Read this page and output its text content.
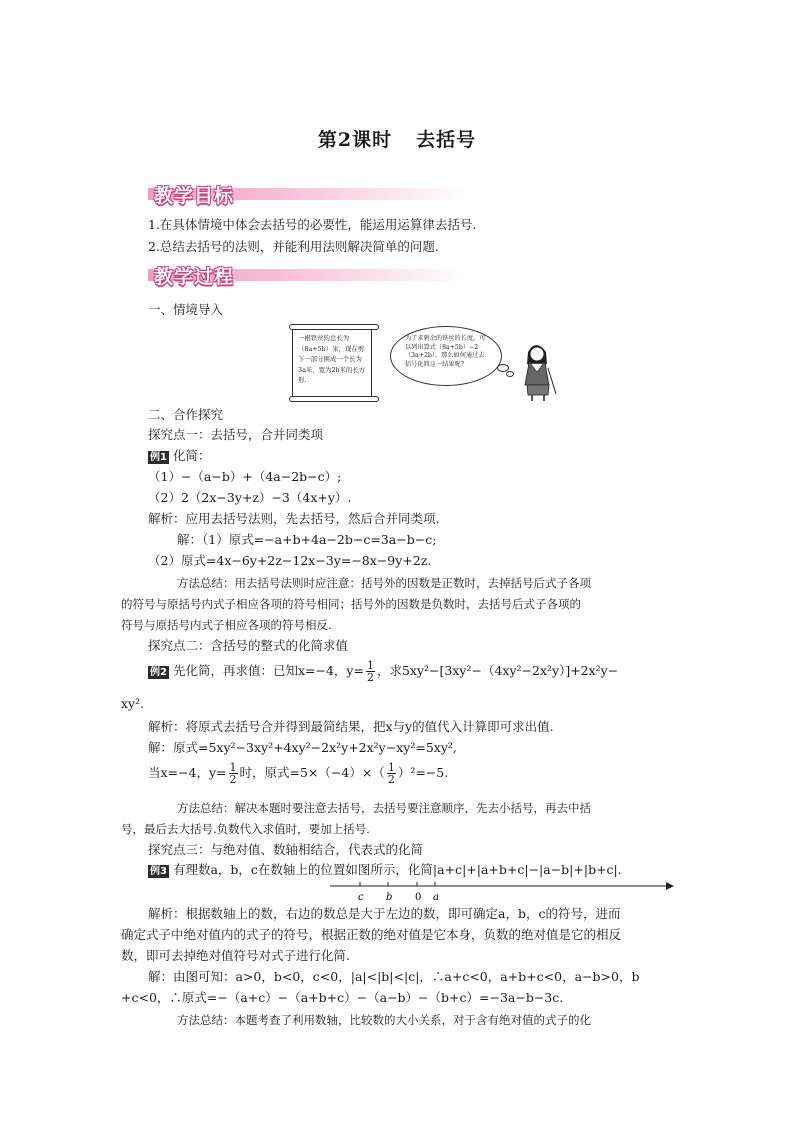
第2课时 去括号
教学目标
1.在具体情境中体会去括号的必要性，能运用运算律去括号.
2.总结去括号的法则，并能利用法则解决简单的问题.
教学过程
一、情境导入
一根铁丝的总长为（8a+5b）米，现在剪下一部分围成一个长为3a米，宽为2b米的长方形.
为了求剩余的铁丝的长度，可以列出算式（8a+5b）−2（3a+2b），那么如何通过去括号化简这一结果呢?
二、合作探究
探究点一：去括号，合并同类项
例1 化简：
（1）−（a−b）+（4a−2b−c）;
（2）2（2x−3y+z）−3（4x+y）.
解析：应用去括号法则，先去括号，然后合并同类项.
解：（1）原式=−a+b+4a−2b−c=3a−b−c;
（2）原式=4x−6y+2z−12x−3y=−8x−9y+2z.
方法总结：用去括号法则时应注意：括号外的因数是正数时，去掉括号后式子各项
的符号与原括号内式子相应各项的符号相同；括号外的因数是负数时，去括号后式子各项的
符号与原括号内式子相应各项的符号相反.
探究点二：含括号的整式的化简求值
例2 先化简，再求值：已知x=−4，$y= \frac{1}{2}$ ，求5xy²−[3xy²−（4xy²−2x²y）]+2x²y−
xy².
解析：将原式去括号合并得到最简结果，把x与y的值代入计算即可求出值.
解：原式=5xy²−3xy²+4xy²−2x²y+2x²y−xy²=5xy²,
当x=−4，$y= \frac{1}{2}$ 时，原式$=5\times(-4)\times( \frac{1}{2} )^2=-5$.
方法总结：解决本题时要注意去括号，去括号要注意顺序，先去小括号，再去中括
号，最后去大括号.负数代入求值时，要加上括号.
探究点三：与绝对值、数轴相结合，代表式的化简
例3 有理数a，b，c在数轴上的位置如图所示，化简|a+c|+|a+b+c|−|a−b|+|b+c|.
c b 0 a
解析：根据数轴上的数，右边的数总是大于左边的数，即可确定a，b，c的符号，进而
确定式子中绝对值内的式子的符号，根据正数的绝对值是它本身，负数的绝对值是它的相反
数，即可去掉绝对值符号对式子进行化简.
解：由图可知：a>0，b<0，c<0，|a|<|b|<|c|，∴a+c<0，a+b+c<0，a−b>0，b
+c<0，∴原式=−（a+c）−（a+b+c）−（a−b）−（b+c）=−3a−b−3c.
方法总结：本题考查了利用数轴，比较数的大小关系，对于含有绝对值的式子的化
